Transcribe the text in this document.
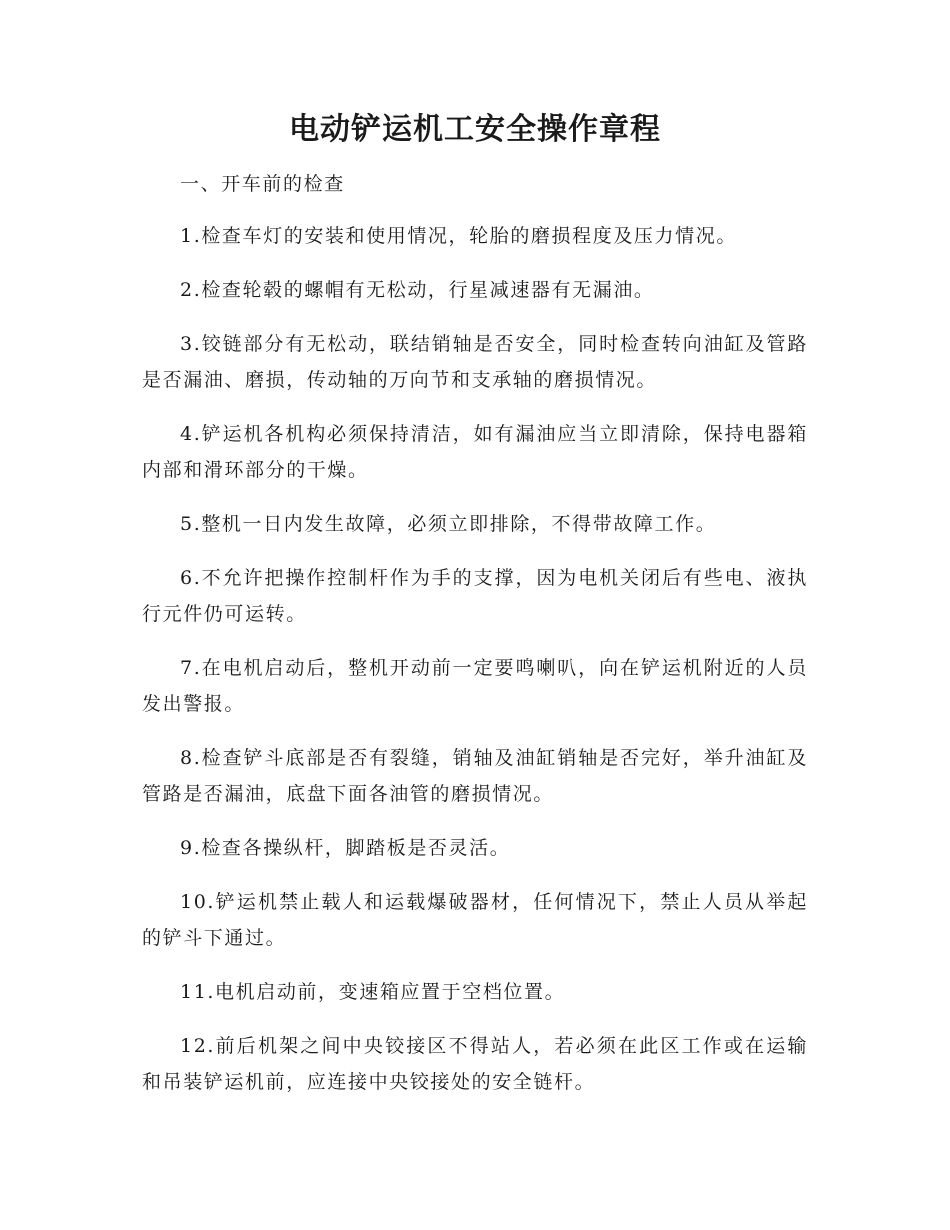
电动铲运机工安全操作章程

一、开车前的检查

1.检查车灯的安装和使用情况，轮胎的磨损程度及压力情况。

2.检查轮毂的螺帽有无松动，行星减速器有无漏油。

3.铰链部分有无松动，联结销轴是否安全，同时检查转向油缸及管路是否漏油、磨损，传动轴的万向节和支承轴的磨损情况。

4.铲运机各机构必须保持清洁，如有漏油应当立即清除，保持电器箱内部和滑环部分的干燥。

5.整机一日内发生故障，必须立即排除，不得带故障工作。

6.不允许把操作控制杆作为手的支撑，因为电机关闭后有些电、液执行元件仍可运转。

7.在电机启动后，整机开动前一定要鸣喇叭，向在铲运机附近的人员发出警报。

8.检查铲斗底部是否有裂缝，销轴及油缸销轴是否完好，举升油缸及管路是否漏油，底盘下面各油管的磨损情况。

9.检查各操纵杆，脚踏板是否灵活。

10.铲运机禁止载人和运载爆破器材，任何情况下，禁止人员从举起的铲斗下通过。

11.电机启动前，变速箱应置于空档位置。

12.前后机架之间中央铰接区不得站人，若必须在此区工作或在运输和吊装铲运机前，应连接中央铰接处的安全链杆。
